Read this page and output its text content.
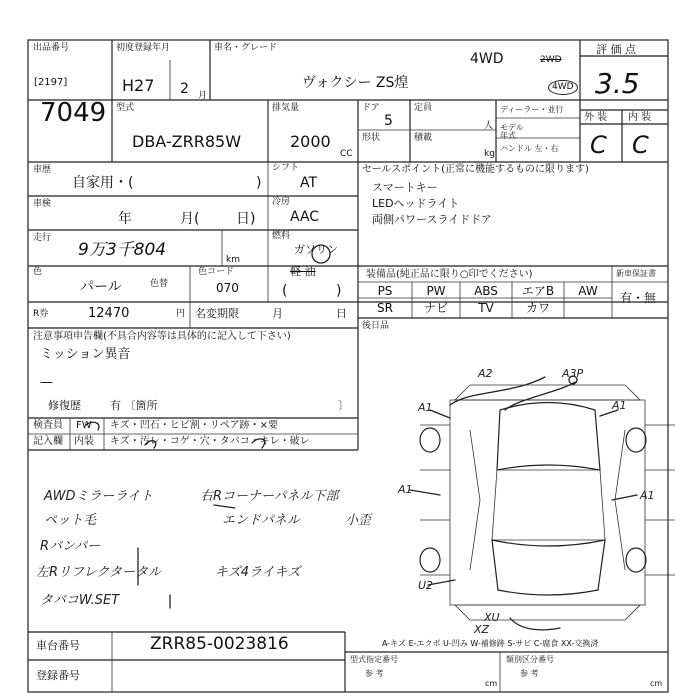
出品番号
[2197]
7049
初度登録年月
H27 2 月
車名・グレード
ヴォクシー ZS煌
4WD	2WD
4WD
評 価 点
3.5
外 装 内 装
C C
型式
DBA-ZRR85W
排気量
2000
CC
ドア
5
形状
定員
人
積載
kg
ディーラー・並行
モデル年式
ハンドル 左・右
車歴
自家用・(	)
シフト
AT
車検
年	月(	日)
冷房
AAC
走行
9万3千804	km
燃料
ガソリン
軽 油
(	)
色
パール	色替
色コード
070
R券	12470	円 名変期限	月	日
セールスポイント(正常に機能するものに限ります)
スマートキー
LEDヘッドライト
両側パワースライドドア
装備品(純正品に限り○印でください)	新車保証書
PS	PW	ABS	エアB	AW
SR	ナビ	TV	カワ
有・無
後日品
注意事項申告欄(不具合内容等は具体的に記入して下さい)
ミッション異音
—
修復歴	有 〔箇所	〕
検査員
記入欄
FW
内装
キズ・凹石・ヒビ割・リペア跡・×要
キズ・汚レ・コゲ・穴・タバコ・キレ・破レ
AWDミラーライト
ペット毛
Rバンパー
左Rリフレクタータル
タバコW.SET
右Rコーナーパネル下部
エンドパネル	小歪
キズ4ライキズ
A2	A3P
A1	A1
A1	A1
U2
XU
XZ
A-キズ E-エクボ U-凹み W-補修跡 S-サビ C-腐食 XX-交換済
車台番号	ZRR85-0023816
登録番号
型式指定番号
参 考
cm
類別区分番号
参 考
cm
